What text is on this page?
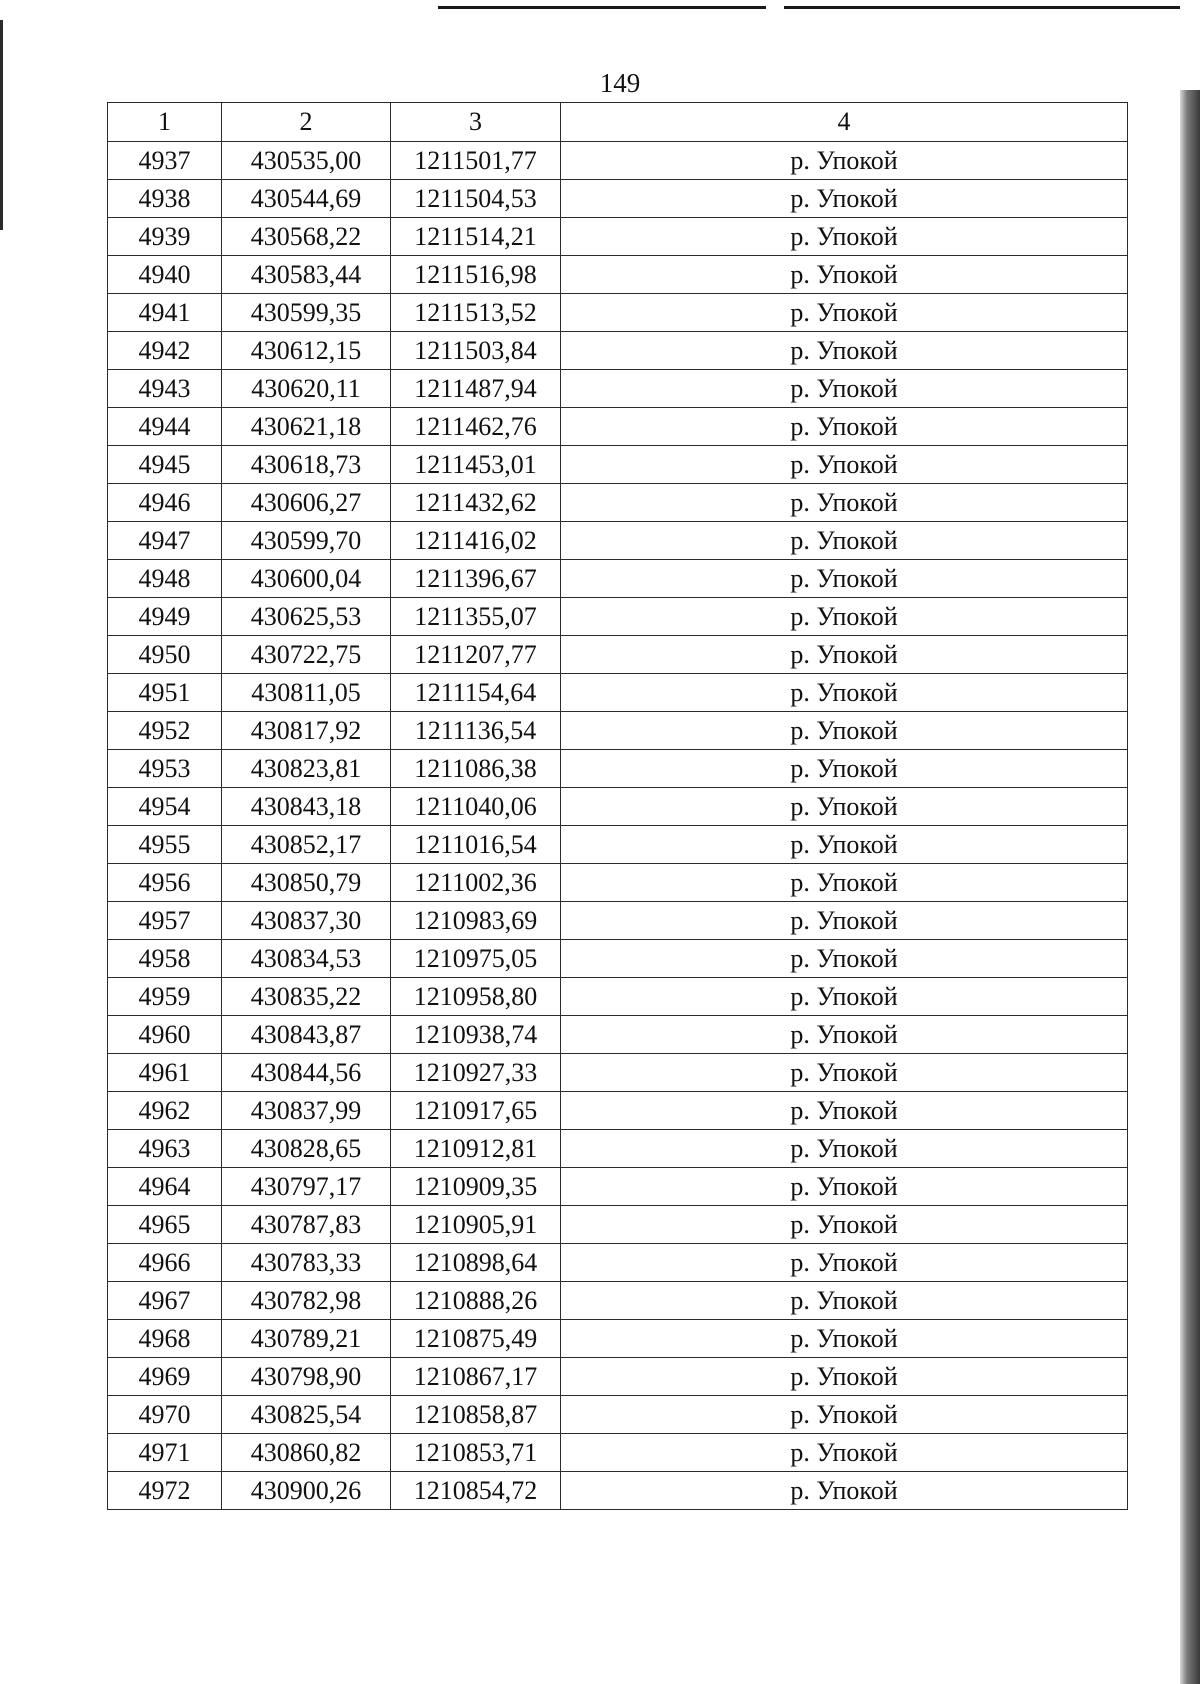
149
1	2	3	4
4937	430535,00	1211501,77	р. Упокой
4938	430544,69	1211504,53	р. Упокой
4939	430568,22	1211514,21	р. Упокой
4940	430583,44	1211516,98	р. Упокой
4941	430599,35	1211513,52	р. Упокой
4942	430612,15	1211503,84	р. Упокой
4943	430620,11	1211487,94	р. Упокой
4944	430621,18	1211462,76	р. Упокой
4945	430618,73	1211453,01	р. Упокой
4946	430606,27	1211432,62	р. Упокой
4947	430599,70	1211416,02	р. Упокой
4948	430600,04	1211396,67	р. Упокой
4949	430625,53	1211355,07	р. Упокой
4950	430722,75	1211207,77	р. Упокой
4951	430811,05	1211154,64	р. Упокой
4952	430817,92	1211136,54	р. Упокой
4953	430823,81	1211086,38	р. Упокой
4954	430843,18	1211040,06	р. Упокой
4955	430852,17	1211016,54	р. Упокой
4956	430850,79	1211002,36	р. Упокой
4957	430837,30	1210983,69	р. Упокой
4958	430834,53	1210975,05	р. Упокой
4959	430835,22	1210958,80	р. Упокой
4960	430843,87	1210938,74	р. Упокой
4961	430844,56	1210927,33	р. Упокой
4962	430837,99	1210917,65	р. Упокой
4963	430828,65	1210912,81	р. Упокой
4964	430797,17	1210909,35	р. Упокой
4965	430787,83	1210905,91	р. Упокой
4966	430783,33	1210898,64	р. Упокой
4967	430782,98	1210888,26	р. Упокой
4968	430789,21	1210875,49	р. Упокой
4969	430798,90	1210867,17	р. Упокой
4970	430825,54	1210858,87	р. Упокой
4971	430860,82	1210853,71	р. Упокой
4972	430900,26	1210854,72	р. Упокой
